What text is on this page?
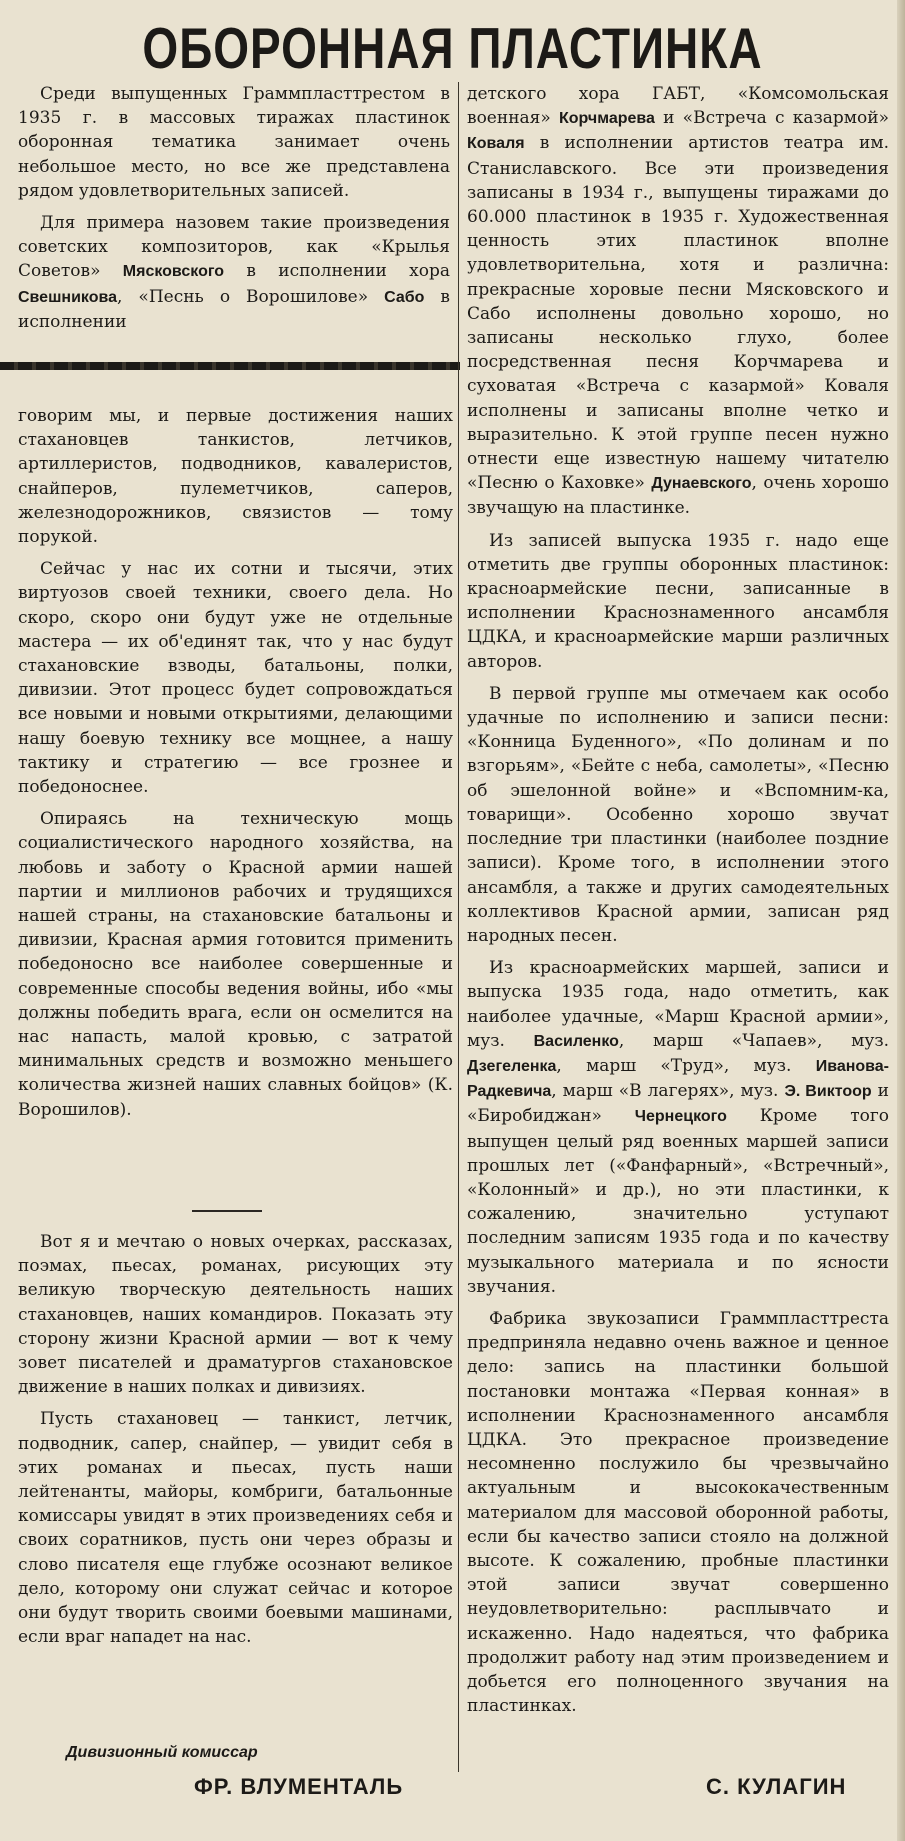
ОБОРОННАЯ ПЛАСТИНКА

Среди выпущенных Граммпласттрестом в 1935 г. в массовых тиражах пластинок оборонная тематика занимает очень небольшое место, но все же представлена рядом удовлетворительных записей.

Для примера назовем такие произведения советских композиторов, как «Крылья Советов» Мясковского в исполнении хора Свешникова, «Песнь о Ворошилове» Сабо в исполнении

говорим мы, и первые достижения наших стахановцев танкистов, летчиков, артиллеристов, подводников, кавалеристов, снайперов, пулеметчиков, саперов, железнодорожников, связистов — тому порукой.

Сейчас у нас их сотни и тысячи, этих виртуозов своей техники, своего дела. Но скоро, скоро они будут уже не отдельные мастера — их об'единят так, что у нас будут стахановские взводы, батальоны, полки, дивизии. Этот процесс будет сопровождаться все новыми и новыми открытиями, делающими нашу боевую технику все мощнее, а нашу тактику и стратегию — все грознее и победоноснее.

Опираясь на техническую мощь социалистического народного хозяйства, на любовь и заботу о Красной армии нашей партии и миллионов рабочих и трудящихся нашей страны, на стахановские батальоны и дивизии, Красная армия готовится применить победоносно все наиболее совершенные и современные способы ведения войны, ибо «мы должны победить врага, если он осмелится на нас напасть, малой кровью, с затратой минимальных средств и возможно меньшего количества жизней наших славных бойцов» (К. Ворошилов).

Вот я и мечтаю о новых очерках, рассказах, поэмах, пьесах, романах, рисующих эту великую творческую деятельность наших стахановцев, наших командиров. Показать эту сторону жизни Красной армии — вот к чему зовет писателей и драматургов стахановское движение в наших полках и дивизиях.

Пусть стахановец — танкист, летчик, подводник, сапер, снайпер, — увидит себя в этих романах и пьесах, пусть наши лейтенанты, майоры, комбриги, батальонные комиссары увидят в этих произведениях себя и своих соратников, пусть они через образы и слово писателя еще глубже осознают великое дело, которому они служат сейчас и которое они будут творить своими боевыми машинами, если враг нападет на нас.

Дивизионный комиссар
ФР. ВЛУМЕНТАЛЬ

детского хора ГАБТ, «Комсомольская военная» Корчмарева и «Встреча с казармой» Коваля в исполнении артистов театра им. Станиславского. Все эти произведения записаны в 1934 г., выпущены тиражами до 60.000 пластинок в 1935 г. Художественная ценность этих пластинок вполне удовлетворительна, хотя и различна: прекрасные хоровые песни Мясковского и Сабо исполнены довольно хорошо, но записаны несколько глухо, более посредственная песня Корчмарева и суховатая «Встреча с казармой» Коваля исполнены и записаны вполне четко и выразительно. К этой группе песен нужно отнести еще известную нашему читателю «Песню о Каховке» Дунаевского, очень хорошо звучащую на пластинке.

Из записей выпуска 1935 г. надо еще отметить две группы оборонных пластинок: красноармейские песни, записанные в исполнении Краснознаменного ансамбля ЦДКА, и красноармейские марши различных авторов.

В первой группе мы отмечаем как особо удачные по исполнению и записи песни: «Конница Буденного», «По долинам и по взгорьям», «Бейте с неба, самолеты», «Песню об эшелонной войне» и «Вспомним-ка, товарищи». Особенно хорошо звучат последние три пластинки (наиболее поздние записи). Кроме того, в исполнении этого ансамбля, а также и других самодеятельных коллективов Красной армии, записан ряд народных песен.

Из красноармейских маршей, записи и выпуска 1935 года, надо отметить, как наиболее удачные, «Марш Красной армии», муз. Василенко, марш «Чапаев», муз. Дзегеленка, марш «Труд», муз. Иванова-Радкевича, марш «В лагерях», муз. Э. Виктоор и «Биробиджан» Чернецкого Кроме того выпущен целый ряд военных маршей записи прошлых лет («Фанфарный», «Встречный», «Колонный» и др.), но эти пластинки, к сожалению, значительно уступают последним записям 1935 года и по качеству музыкального материала и по ясности звучания.

Фабрика звукозаписи Граммпласттреста предприняла недавно очень важное и ценное дело: запись на пластинки большой постановки монтажа «Первая конная» в исполнении Краснознаменного ансамбля ЦДКА. Это прекрасное произведение несомненно послужило бы чрезвычайно актуальным и высококачественным материалом для массовой оборонной работы, если бы качество записи стояло на должной высоте. К сожалению, пробные пластинки этой записи звучат совершенно неудовлетворительно: расплывчато и искаженно. Надо надеяться, что фабрика продолжит работу над этим произведением и добьется его полноценного звучания на пластинках.

С. КУЛАГИН
